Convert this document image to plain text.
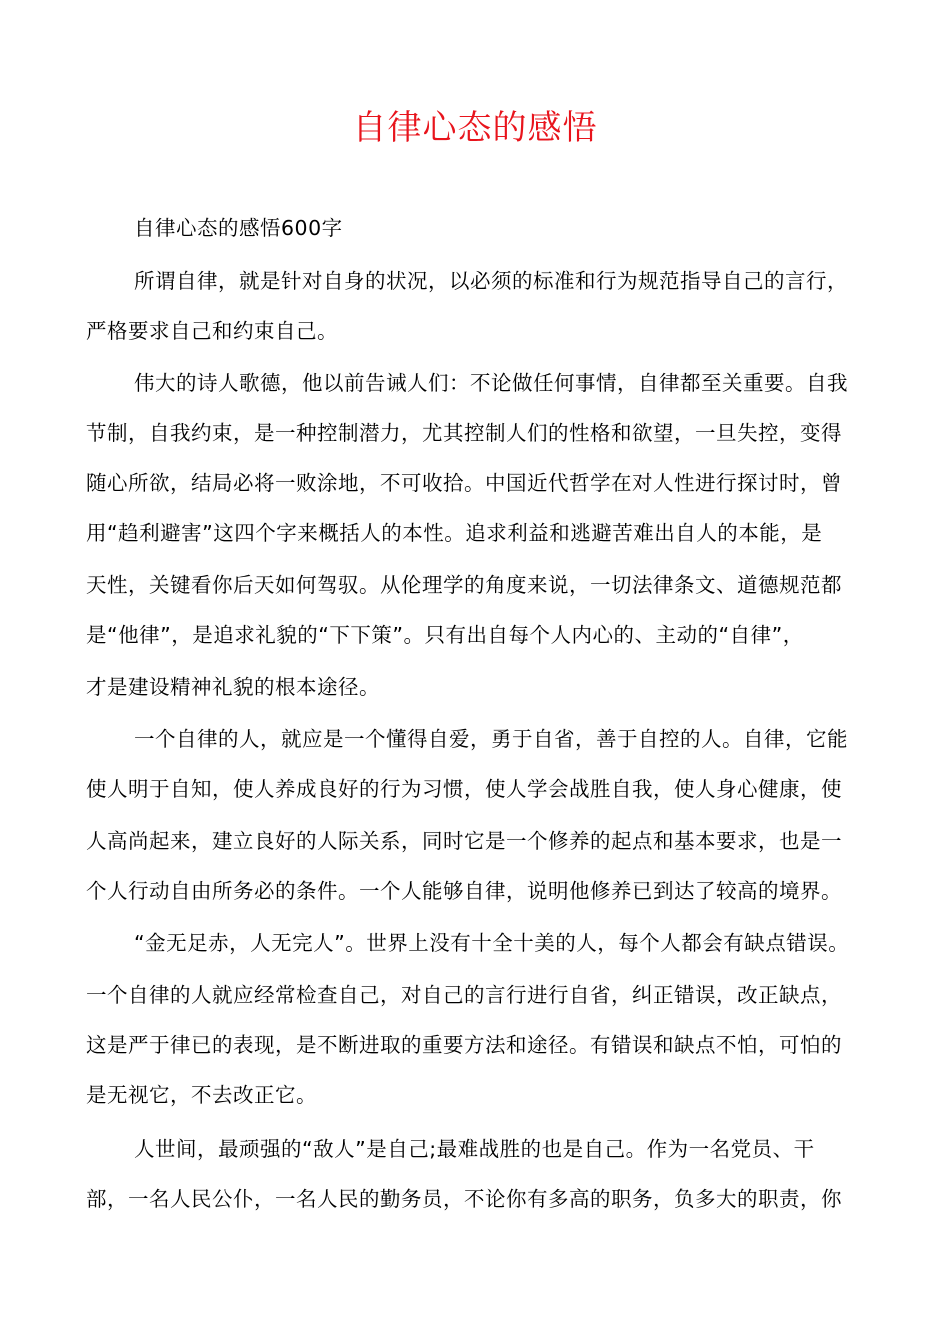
自律心态的感悟
自律心态的感悟600字
所谓自律，就是针对自身的状况，以必须的标准和行为规范指导自己的言行，
严格要求自己和约束自己。
伟大的诗人歌德，他以前告诫人们：不论做任何事情，自律都至关重要。自我
节制，自我约束，是一种控制潜力，尤其控制人们的性格和欲望，一旦失控，变得
随心所欲，结局必将一败涂地，不可收拾。中国近代哲学在对人性进行探讨时，曾
用“趋利避害”这四个字来概括人的本性。追求利益和逃避苦难出自人的本能，是
天性，关键看你后天如何驾驭。从伦理学的角度来说，一切法律条文、道德规范都
是“他律”，是追求礼貌的“下下策”。只有出自每个人内心的、主动的“自律”，
才是建设精神礼貌的根本途径。
一个自律的人，就应是一个懂得自爱，勇于自省，善于自控的人。自律，它能
使人明于自知，使人养成良好的行为习惯，使人学会战胜自我，使人身心健康，使
人高尚起来，建立良好的人际关系，同时它是一个修养的起点和基本要求，也是一
个人行动自由所务必的条件。一个人能够自律，说明他修养已到达了较高的境界。
“金无足赤，人无完人”。世界上没有十全十美的人，每个人都会有缺点错误。
一个自律的人就应经常检查自己，对自己的言行进行自省，纠正错误，改正缺点，
这是严于律已的表现，是不断进取的重要方法和途径。有错误和缺点不怕，可怕的
是无视它，不去改正它。
人世间，最顽强的“敌人”是自己;最难战胜的也是自己。作为一名党员、干
部，一名人民公仆，一名人民的勤务员，不论你有多高的职务，负多大的职责，你
